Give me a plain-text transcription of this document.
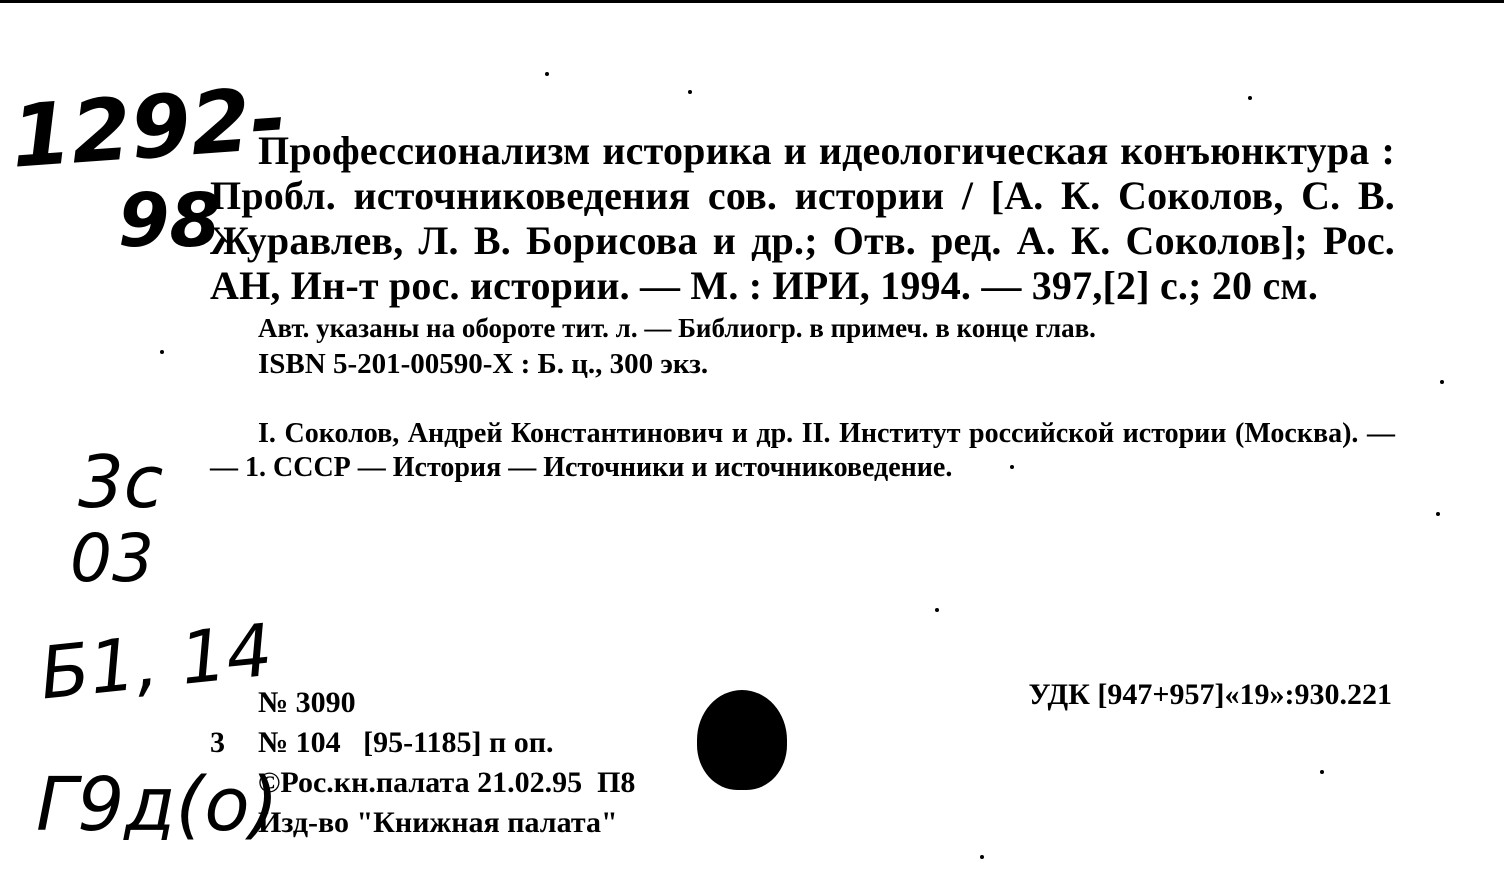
1292-
98
3с
03
Б1, 14
Г9д(о)

Профессионализм историка и идеологическая конъюнктура : Пробл. источниковедения сов. истории / [А. К. Соколов, С. В. Журавлев, Л. В. Борисова и др.; Отв. ред. А. К. Соколов]; Рос. АН, Ин-т рос. истории. — М. : ИРИ, 1994. — 397,[2] с.; 20 см.

Авт. указаны на обороте тит. л. — Библиогр. в примеч. в конце глав.

ISBN 5-201-00590-X : Б. ц., 300 экз.

I. Соколов, Андрей Константинович и др. II. Институт российской истории (Москва). — — 1. СССР — История — Источники и источниковедение.

№ 3090
3	№ 104   [95-1185] п оп.
©Рос.кн.палата 21.02.95  П8
Изд-во "Книжная палата"
УДК [947+957]«19»:930.221
